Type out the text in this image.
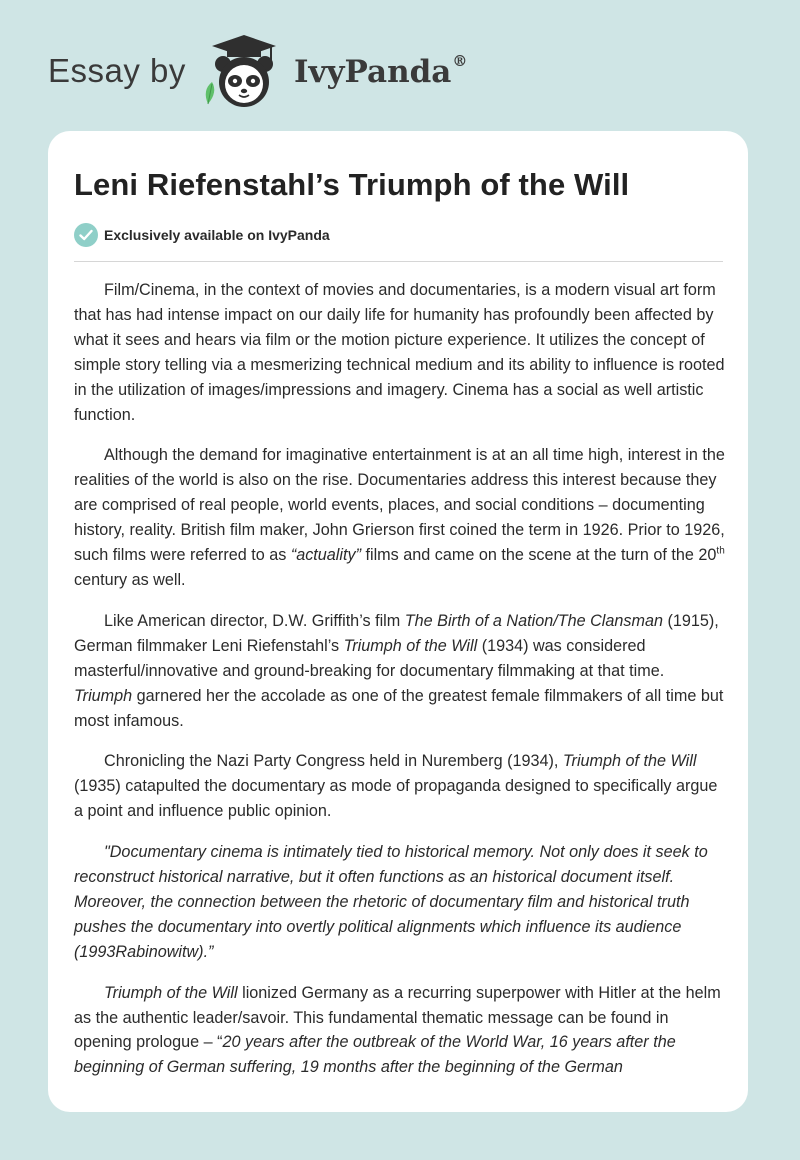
Essay by	IvyPanda®
Leni Riefenstahl’s Triumph of the Will
Exclusively available on IvyPanda

Film/Cinema, in the context of movies and documentaries, is a modern visual art form that has had intense impact on our daily life for humanity has profoundly been affected by what it sees and hears via film or the motion picture experience. It utilizes the concept of simple story telling via a mesmerizing technical medium and its ability to influence is rooted in the utilization of images/impressions and imagery. Cinema has a social as well artistic function.

Although the demand for imaginative entertainment is at an all time high, interest in the realities of the world is also on the rise. Documentaries address this interest because they are comprised of real people, world events, places, and social conditions – documenting history, reality. British film maker, John Grierson first coined the term in 1926. Prior to 1926, such films were referred to as “actuality” films and came on the scene at the turn of the 20th century as well.

Like American director, D.W. Griffith’s film The Birth of a Nation/The Clansman (1915), German filmmaker Leni Riefenstahl’s Triumph of the Will (1934) was considered masterful/innovative and ground-breaking for documentary filmmaking at that time. Triumph garnered her the accolade as one of the greatest female filmmakers of all time but most infamous.

Chronicling the Nazi Party Congress held in Nuremberg (1934), Triumph of the Will (1935) catapulted the documentary as mode of propaganda designed to specifically argue a point and influence public opinion.

"Documentary cinema is intimately tied to historical memory. Not only does it seek to reconstruct historical narrative, but it often functions as an historical document itself. Moreover, the connection between the rhetoric of documentary film and historical truth pushes the documentary into overtly political alignments which influence its audience (1993Rabinowitw).”

Triumph of the Will lionized Germany as a recurring superpower with Hitler at the helm as the authentic leader/savoir. This fundamental thematic message can be found in opening prologue – “20 years after the outbreak of the World War, 16 years after the beginning of German suffering, 19 months after the beginning of the German
